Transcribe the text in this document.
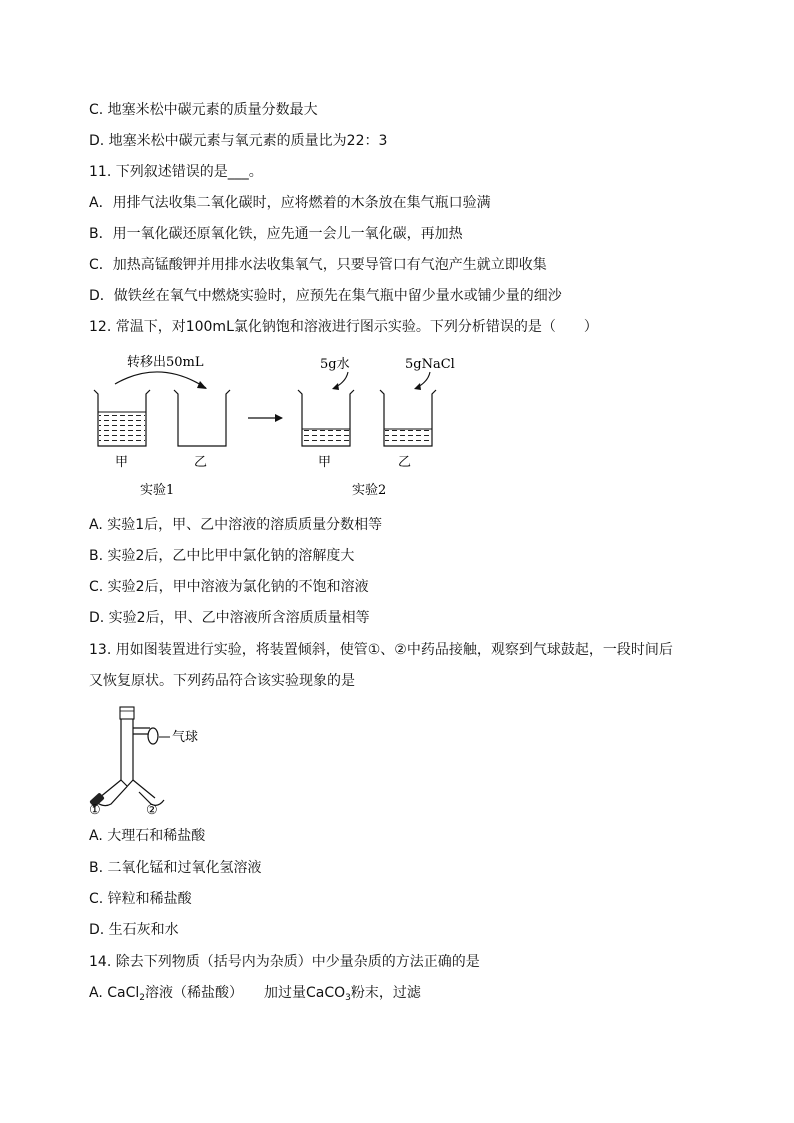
C. 地塞米松中碳元素的质量分数最大
D. 地塞米松中碳元素与氧元素的质量比为22：3
11. 下列叙述错误的是___。
A．用排气法收集二氧化碳时，应将燃着的木条放在集气瓶口验满
B．用一氧化碳还原氧化铁，应先通一会儿一氧化碳，再加热
C．加热高锰酸钾并用排水法收集氧气，只要导管口有气泡产生就立即收集
D．做铁丝在氧气中燃烧实验时，应预先在集气瓶中留少量水或铺少量的细沙
12. 常温下，对100mL氯化钠饱和溶液进行图示实验。下列分析错误的是（　　）
转移出50mL
甲	乙
实验1
5g水
甲
5gNaCl
乙
实验2
A. 实验1后，甲、乙中溶液的溶质质量分数相等
B. 实验2后，乙中比甲中氯化钠的溶解度大
C. 实验2后，甲中溶液为氯化钠的不饱和溶液
D. 实验2后，甲、乙中溶液所含溶质质量相等
13. 用如图装置进行实验，将装置倾斜，使管①、②中药品接触，观察到气球鼓起，一段时间后
又恢复原状。下列药品符合该实验现象的是
气球
①	②
A. 大理石和稀盐酸
B. 二氧化锰和过氧化氢溶液
C. 锌粒和稀盐酸
D. 生石灰和水
14. 除去下列物质（括号内为杂质）中少量杂质的方法正确的是
A. CaCl$_2$溶液（稀盐酸）　　加过量CaCO$_3$粉末，过滤
